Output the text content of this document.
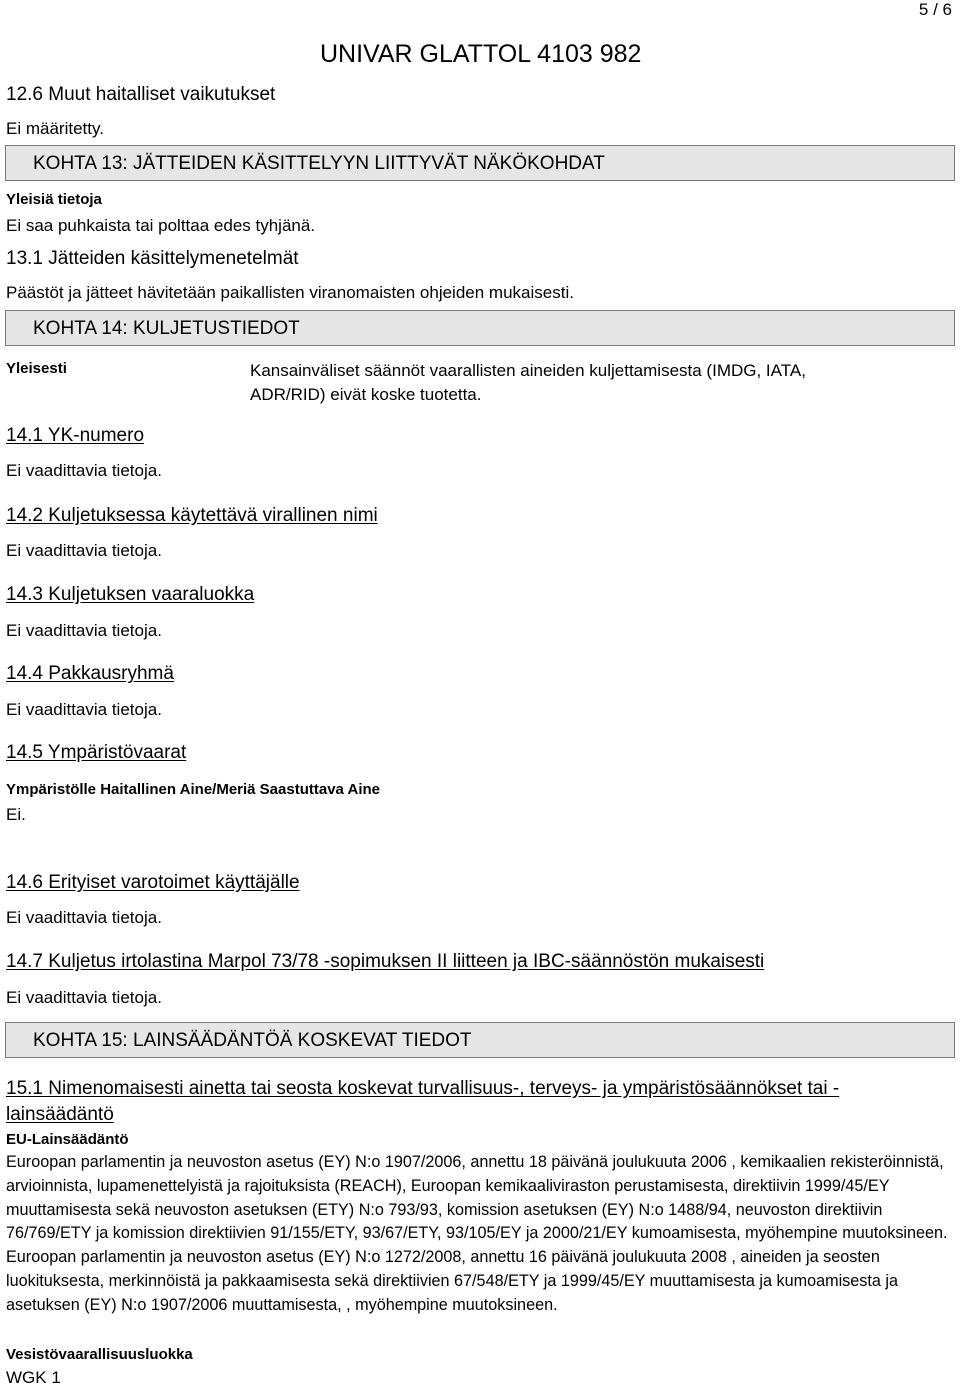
5 / 6
UNIVAR GLATTOL 4103 982
12.6 Muut haitalliset vaikutukset
Ei määritetty.
KOHTA 13: JÄTTEIDEN KÄSITTELYYN LIITTYVÄT NÄKÖKOHDAT
Yleisiä tietoja
Ei saa puhkaista tai polttaa edes tyhjänä.
13.1 Jätteiden käsittelymenetelmät
Päästöt ja jätteet hävitetään paikallisten viranomaisten ohjeiden mukaisesti.
KOHTA 14: KULJETUSTIEDOT
Yleisesti	Kansainväliset säännöt vaarallisten aineiden kuljettamisesta (IMDG, IATA,
ADR/RID) eivät koske tuotetta.
14.1 YK-numero
Ei vaadittavia tietoja.
14.2 Kuljetuksessa käytettävä virallinen nimi
Ei vaadittavia tietoja.
14.3 Kuljetuksen vaaraluokka
Ei vaadittavia tietoja.
14.4 Pakkausryhmä
Ei vaadittavia tietoja.
14.5 Ympäristövaarat
Ympäristölle Haitallinen Aine/Meriä Saastuttava Aine
Ei.
14.6 Erityiset varotoimet käyttäjälle
Ei vaadittavia tietoja.
14.7 Kuljetus irtolastina Marpol 73/78 -sopimuksen II liitteen ja IBC-säännöstön mukaisesti
Ei vaadittavia tietoja.
KOHTA 15: LAINSÄÄDÄNTÖÄ KOSKEVAT TIEDOT
15.1 Nimenomaisesti ainetta tai seosta koskevat turvallisuus-, terveys- ja ympäristösäännökset tai -lainsäädäntö
EU-Lainsäädäntö
Euroopan parlamentin ja neuvoston asetus (EY) N:o 1907/2006, annettu 18 päivänä joulukuuta 2006 , kemikaalien rekisteröinnistä, arvioinnista, lupamenettelyistä ja rajoituksista (REACH), Euroopan kemikaaliviraston perustamisesta, direktiivin 1999/45/EY muuttamisesta sekä neuvoston asetuksen (ETY) N:o 793/93, komission asetuksen (EY) N:o 1488/94, neuvoston direktiivin 76/769/ETY ja komission direktiivien 91/155/ETY, 93/67/ETY, 93/105/EY ja 2000/21/EY kumoamisesta, myöhempine muutoksineen. Euroopan parlamentin ja neuvoston asetus (EY) N:o 1272/2008, annettu 16 päivänä joulukuuta 2008 , aineiden ja seosten luokituksesta, merkinnöistä ja pakkaamisesta sekä direktiivien 67/548/ETY ja 1999/45/EY muuttamisesta ja kumoamisesta ja asetuksen (EY) N:o 1907/2006 muuttamisesta, , myöhempine muutoksineen.
Vesistövaarallisuusluokka
WGK 1
